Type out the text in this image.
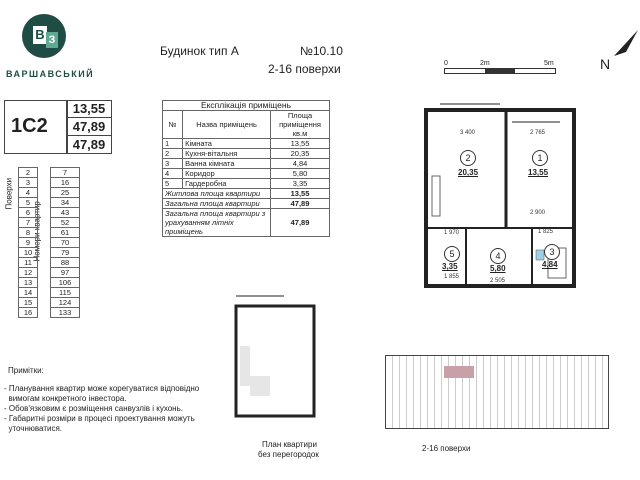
В З
ВАРШАВСЬКИЙ
Будинок тип А	№10.10
2-16 поверхи	0	2m	5m	N
1С2
13,55
47,89
47,89
Експлікація приміщень		
№	Назва приміщень	Площа приміщення кв.м
1	Кімната	13,55
2	Кухня-вітальня	20,35
3	Ванна кімната	4,84
4	Коридор	5,80
5	Гардеробна	3,35
Житлова площа квартири		13,55
Загальна площа квартири		47,89
Загальна площа квартири з урахуванням літніх приміщень		47,89
Поверхи
Номери квартир
2		7
3		16
4		25
5		34
6		43
7		52
8		61
9		70
10		79
11		88
12		97
13		106
14		115
15		124
16		133
Примітки:
- Планування квартир може корегуватися відповідно
вимогам конкретного інвестора.
- Обов'язковим є розміщення санвузлів і кухонь.
- Габаритні розміри в процесі проектування можуть
уточнюватися.
2
20,35
1
13,55
3
4,84
4
5,80
5
3,35
3 400	2 765
2 900
1 970	1 825
2 505
1 855
План квартири
без перегородок
2-16 поверхи
